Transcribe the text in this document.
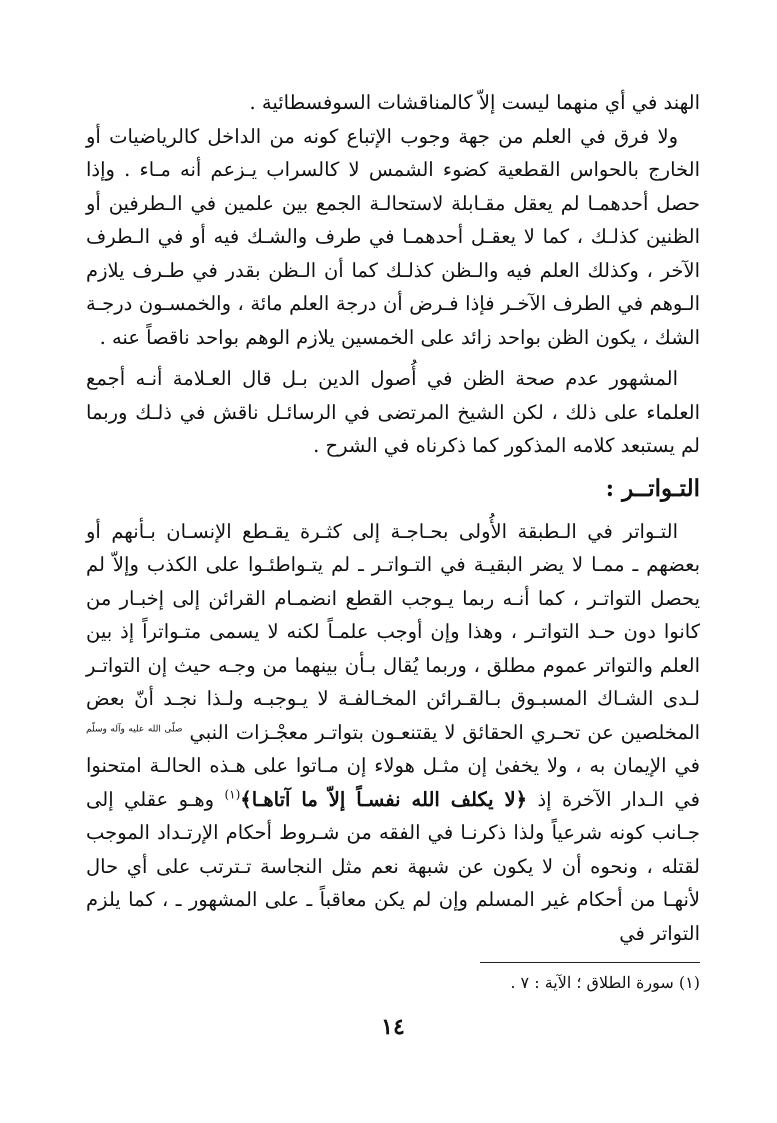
الهند في أي منهما ليست إلاّ كالمناقشات السوفسطائية .

ولا فرق في العلم من جهة وجوب الإتباع كونه من الداخل كالرياضيات أو الخارج بالحواس القطعية كضوء الشمس لا كالسراب يـزعم أنه مـاء . وإذا حصل أحدهمـا لم يعقل مقـابلة لاستحالـة الجمع بين علمين في الـطرفين أو الظنين كذلـك ، كما لا يعقـل أحدهمـا في طرف والشـك فيه أو في الـطرف الآخر ، وكذلك العلم فيه والـظن كذلـك كما أن الـظن بقدر في طـرف يلازم الـوهم في الطرف الآخـر فإذا فـرض أن درجة العلم مائة ، والخمسـون درجـة الشك ، يكون الظن بواحد زائد على الخمسين يلازم الوهم بواحد ناقصاً عنه .

المشهور عدم صحة الظن في أُصول الدين بـل قال العـلامة أنـه أجمع العلماء على ذلك ، لكن الشيخ المرتضى في الرسائـل ناقش في ذلـك وربما لم يستبعد كلامه المذكور كما ذكرناه في الشرح .

التـواتــر :

التـواتر في الـطبقة الأُولى بحـاجـة إلى كثـرة يقـطع الإنسـان بـأنهم أو بعضهم ـ ممـا لا يضر البقيـة في التـواتـر ـ لم يتـواطئـوا على الكذب وإلاّ لم يحصل التواتـر ، كما أنـه ربما يـوجب القطع انضمـام القرائن إلى إخبـار من كانوا دون حـد التواتـر ، وهذا وإن أوجب علمـاً لكنه لا يسمى متـواتراً إذ بين العلم والتواتر عموم مطلق ، وربما يُقال بـأن بينهما من وجـه حيث إن التواتـر لـدى الشـاك المسبـوق بـالقـرائن المخـالفـة لا يـوجبـه ولـذا نجـد أنّ بعض المخلصين عن تحـري الحقائق لا يقتنعـون بتواتـر معجْـزات النبي $^{صلّى الله عليه وآله وسلّم}$ في الإيمان به ، ولا يخفىٰ إن مثـل هولاء إن مـاتوا على هـذه الحالـة امتحنوا في الـدار الآخرة إذ ﴿لا يكلف الله نفسـاً إلاّ ما آتاهـا﴾$^{(١)}$ وهـو عقلي إلى جـانب كونه شرعياً ولذا ذكرنـا في الفقه من شـروط أحكام الإرتـداد الموجب لقتله ، ونحوه أن لا يكون عن شبهة نعم مثل النجاسة تـترتب على أي حال لأنهـا من أحكام غير المسلم وإن لم يكن معاقباً ـ على المشهور ـ ، كما يلزم التواتر في

(١) سورة الطلاق ؛ الآية : ٧ .

١٤
